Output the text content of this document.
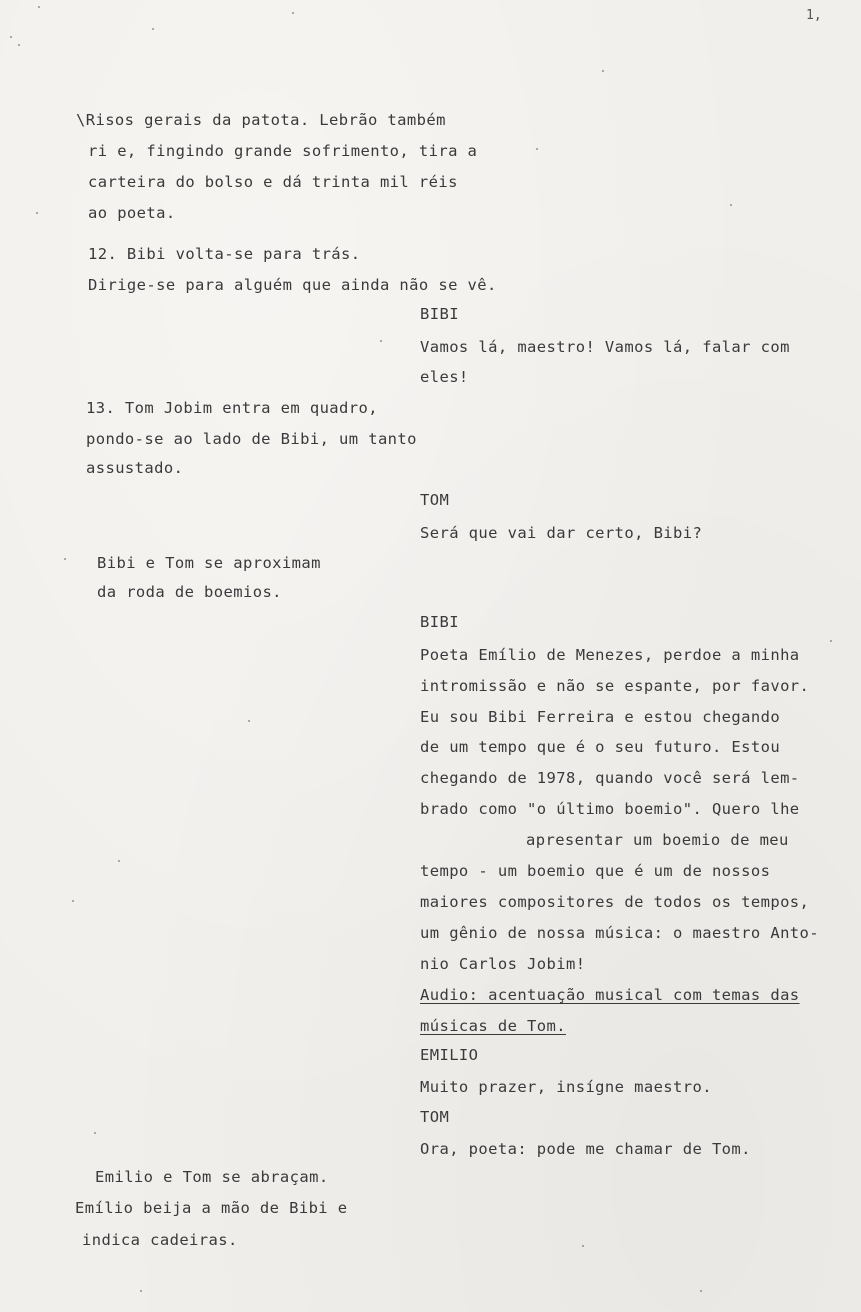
1,
\Risos gerais da patota. Lebrão também
ri e, fingindo grande sofrimento, tira a
carteira do bolso e dá trinta mil réis
ao poeta.
12. Bibi volta-se para trás.
Dirige-se para alguém que ainda não se vê.
13. Tom Jobim entra em quadro,
pondo-se ao lado de Bibi, um tanto
assustado.
Bibi e Tom se aproximam
da roda de boemios.
Emilio e Tom se abraçam.
Emílio beija a mão de Bibi e
indica cadeiras.
BIBI
Vamos lá, maestro! Vamos lá, falar com
eles!
TOM
Será que vai dar certo, Bibi?
BIBI
Poeta Emílio de Menezes, perdoe a minha
intromissão e não se espante, por favor.
Eu sou Bibi Ferreira e estou chegando
de um tempo que é o seu futuro. Estou
chegando de 1978, quando você será lem-
brado como "o último boemio". Quero lhe
apresentar um boemio de meu
tempo - um boemio que é um de nossos
maiores compositores de todos os tempos,
um gênio de nossa música: o maestro Anto-
nio Carlos Jobim!
Audio: acentuação musical com temas das
músicas de Tom.
EMILIO
Muito prazer, insígne maestro.
TOM
Ora, poeta: pode me chamar de Tom.
